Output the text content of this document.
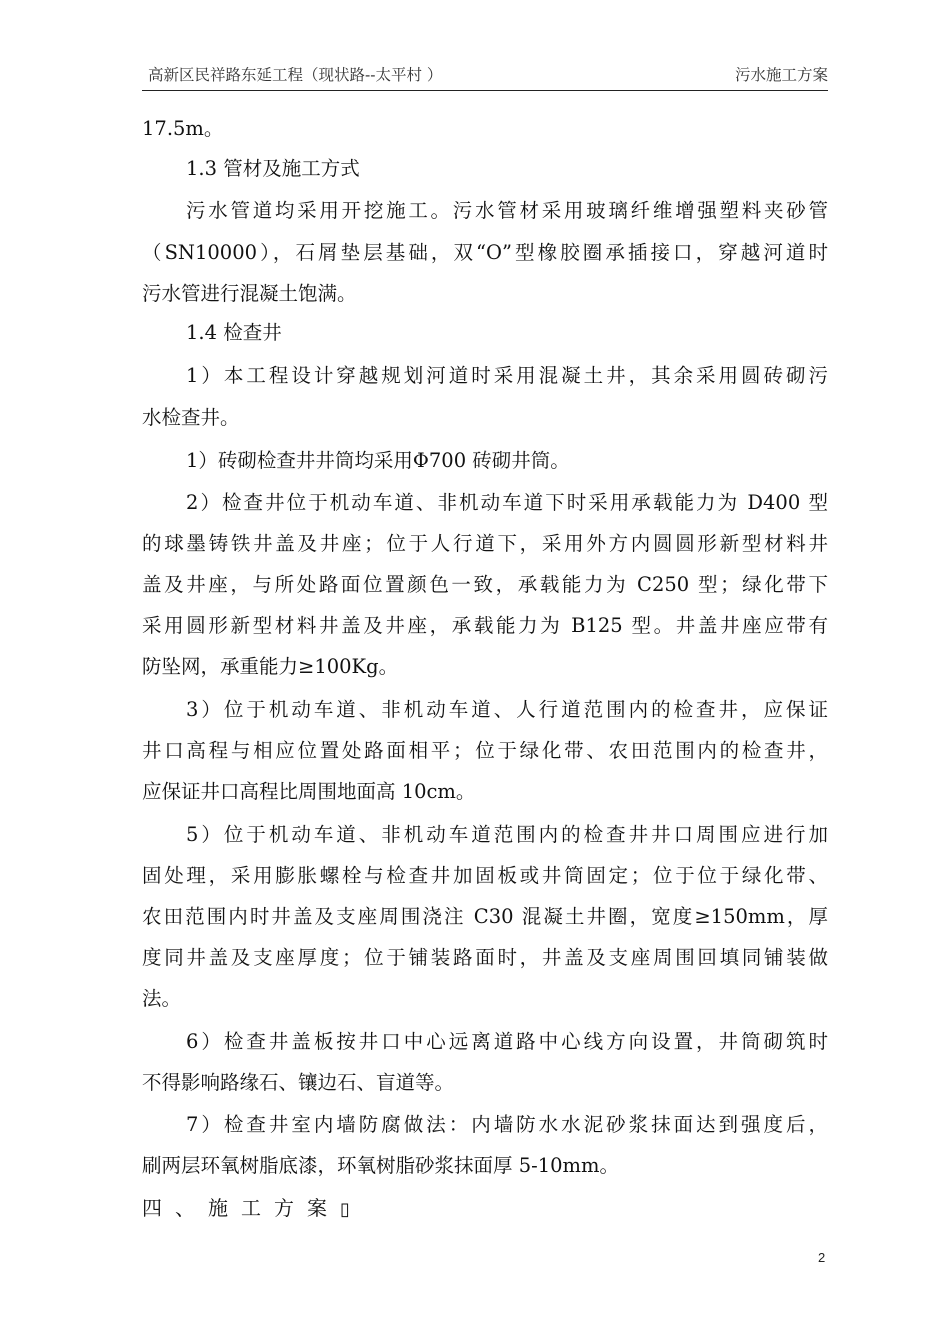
高新区民祥路东延工程（现状路--太平村 ）	污水施工方案
17.5m。
1.3 管材及施工方式
污水管道均采用开挖施工。污水管材采用玻璃纤维增强塑料夹砂管
（SN10000），石屑垫层基础，双“O”型橡胶圈承插接口，穿越河道时
污水管进行混凝土饱满。
1.4 检查井
1）本工程设计穿越规划河道时采用混凝土井，其余采用圆砖砌污
水检查井。
1）砖砌检查井井筒均采用Φ700 砖砌井筒。
2）检查井位于机动车道、非机动车道下时采用承载能力为 D400 型
的球墨铸铁井盖及井座；位于人行道下，采用外方内圆圆形新型材料井
盖及井座，与所处路面位置颜色一致，承载能力为 C250 型；绿化带下
采用圆形新型材料井盖及井座，承载能力为 B125 型。井盖井座应带有
防坠网，承重能力≥100Kg。
3）位于机动车道、非机动车道、人行道范围内的检查井，应保证
井口高程与相应位置处路面相平；位于绿化带、农田范围内的检查井，
应保证井口高程比周围地面高 10cm。
5）位于机动车道、非机动车道范围内的检查井井口周围应进行加
固处理，采用膨胀螺栓与检查井加固板或井筒固定；位于位于绿化带、
农田范围内时井盖及支座周围浇注 C30 混凝土井圈，宽度≥150mm，厚
度同井盖及支座厚度；位于铺装路面时，井盖及支座周围回填同铺装做
法。
6）检查井盖板按井口中心远离道路中心线方向设置，井筒砌筑时
不得影响路缘石、镶边石、盲道等。
7）检查井室内墙防腐做法：内墙防水水泥砂浆抹面达到强度后，
刷两层环氧树脂底漆，环氧树脂砂浆抹面厚 5-10mm。
四、施工方案▯
2
